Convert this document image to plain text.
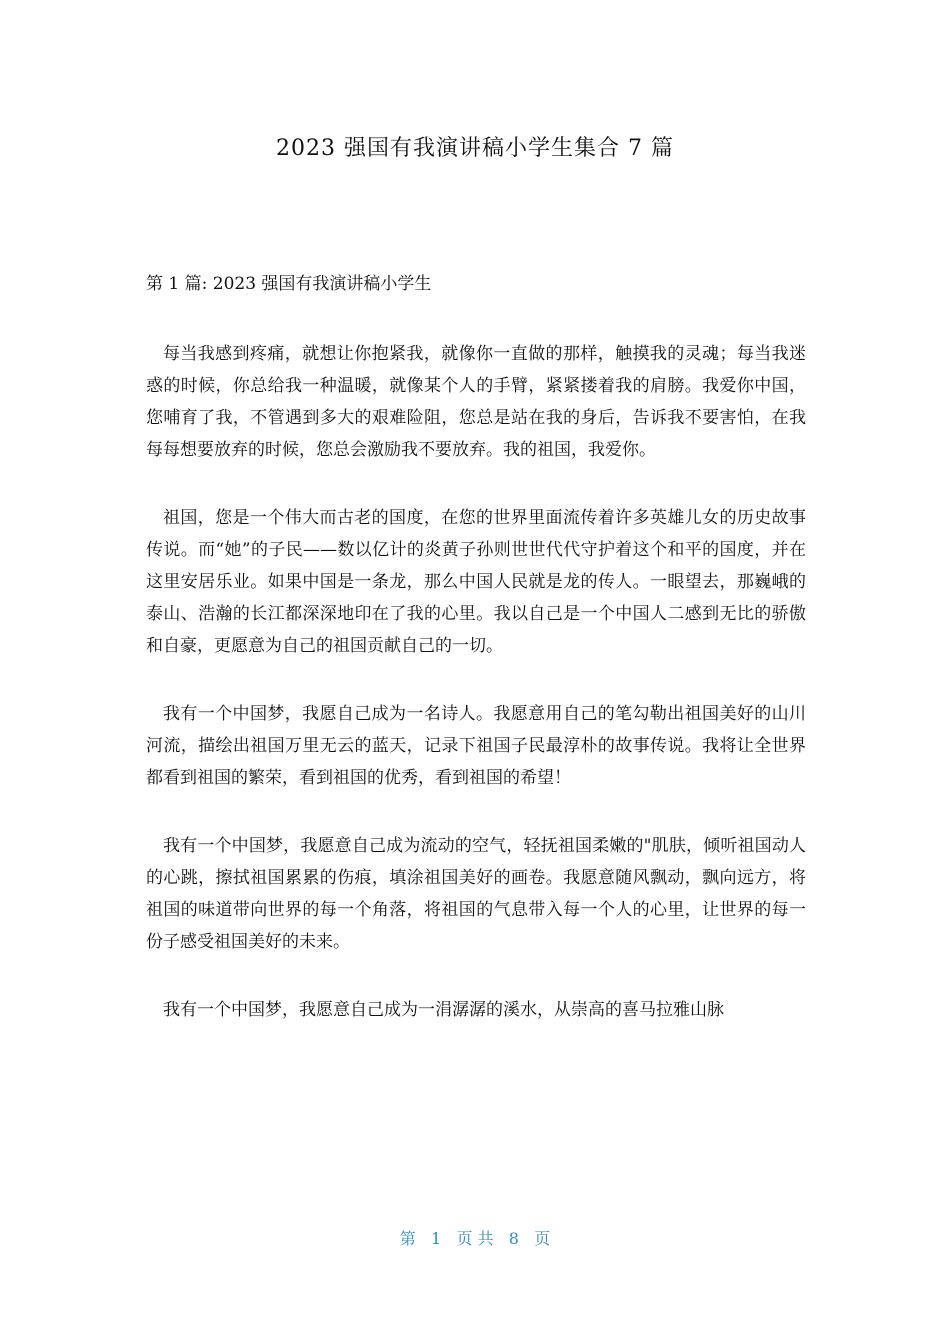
2023 强国有我演讲稿小学生集合 7 篇

第 1 篇: 2023 强国有我演讲稿小学生

每当我感到疼痛，就想让你抱紧我，就像你一直做的那样，触摸我的灵魂；每当我迷惑的时候，你总给我一种温暖，就像某个人的手臂，紧紧搂着我的肩膀。我爱你中国，您哺育了我，不管遇到多大的艰难险阻，您总是站在我的身后，告诉我不要害怕，在我每每想要放弃的时候，您总会激励我不要放弃。我的祖国，我爱你。

祖国，您是一个伟大而古老的国度，在您的世界里面流传着许多英雄儿女的历史故事传说。而“她”的子民——数以亿计的炎黄子孙则世世代代守护着这个和平的国度，并在这里安居乐业。如果中国是一条龙，那么中国人民就是龙的传人。一眼望去，那巍峨的泰山、浩瀚的长江都深深地印在了我的心里。我以自己是一个中国人二感到无比的骄傲和自豪，更愿意为自己的祖国贡献自己的一切。

我有一个中国梦，我愿自己成为一名诗人。我愿意用自己的笔勾勒出祖国美好的山川河流，描绘出祖国万里无云的蓝天，记录下祖国子民最淳朴的故事传说。我将让全世界都看到祖国的繁荣，看到祖国的优秀，看到祖国的希望！

我有一个中国梦，我愿意自己成为流动的空气，轻抚祖国柔嫩的"肌肤，倾听祖国动人的心跳，擦拭祖国累累的伤痕，填涂祖国美好的画卷。我愿意随风飘动，飘向远方，将祖国的味道带向世界的每一个角落，将祖国的气息带入每一个人的心里，让世界的每一份子感受祖国美好的未来。

我有一个中国梦，我愿意自己成为一涓潺潺的溪水，从崇高的喜马拉雅山脉

第   1   页 共   8   页
